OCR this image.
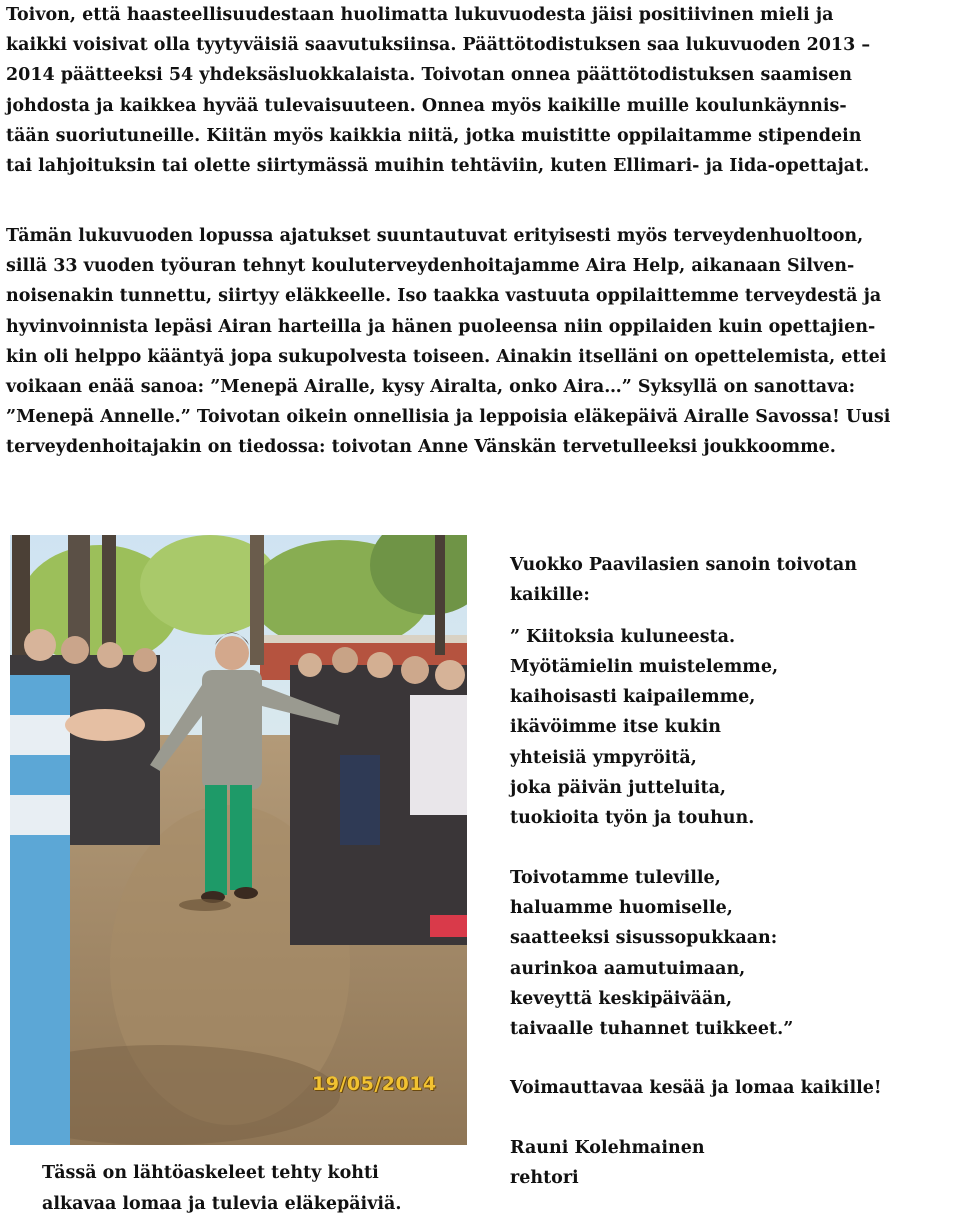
Toivon, että haasteellisuudestaan huolimatta lukuvuodesta jäisi positiivinen mieli ja
kaikki voisivat olla tyytyväisiä saavutuksiinsa. Päättötodistuksen saa lukuvuoden 2013 –
2014 päätteeksi 54 yhdeksäsluokkalaista. Toivotan onnea päättötodistuksen saamisen
johdosta ja kaikkea hyvää tulevaisuuteen. Onnea myös kaikille muille koulunkäynnis-
tään suoriutuneille. Kiitän myös kaikkia niitä, jotka muistitte oppilaitamme stipendein
tai lahjoituksin tai olette siirtymässä muihin tehtäviin, kuten Ellimari- ja Iida-opettajat.
Tämän lukuvuoden lopussa ajatukset suuntautuvat erityisesti myös terveydenhuoltoon,
sillä 33 vuoden työuran tehnyt kouluterveydenhoitajamme Aira Help, aikanaan Silven-
noisenakin tunnettu, siirtyy eläkkeelle. Iso taakka vastuuta oppilaittemme terveydestä ja
hyvinvoinnista lepäsi Airan harteilla ja hänen puoleensa niin oppilaiden kuin opettajien-
kin oli helppo kääntyä jopa sukupolvesta toiseen. Ainakin itselläni on opettelemista, ettei
voikaan enää sanoa: ”Menepä Airalle, kysy Airalta, onko Aira…” Syksyllä on sanottava:
”Menepä Annelle.” Toivotan oikein onnellisia ja leppoisia eläkepäivä Airalle Savossa! Uusi
terveydenhoitajakin on tiedossa: toivotan Anne Vänskän tervetulleeksi joukkoomme.
19/05/2014
Tässä on lähtöaskeleet tehty kohti
alkavaa lomaa ja tulevia eläkepäiviä.
Vuokko Paavilasien sanoin toivotan
kaikille:
” Kiitoksia kuluneesta.
Myötämielin muistelemme,
kaihoisasti kaipailemme,
ikävöimme itse kukin
yhteisiä ympyröitä,
joka päivän jutteluita,
tuokioita työn ja touhun.
Toivotamme tuleville,
haluamme huomiselle,
saatteeksi sisussopukkaan:
aurinkoa aamutuimaan,
keveyttä keskipäivään,
taivaalle tuhannet tuikkeet.”
Voimauttavaa kesää ja lomaa kaikille!
Rauni Kolehmainen
rehtori
